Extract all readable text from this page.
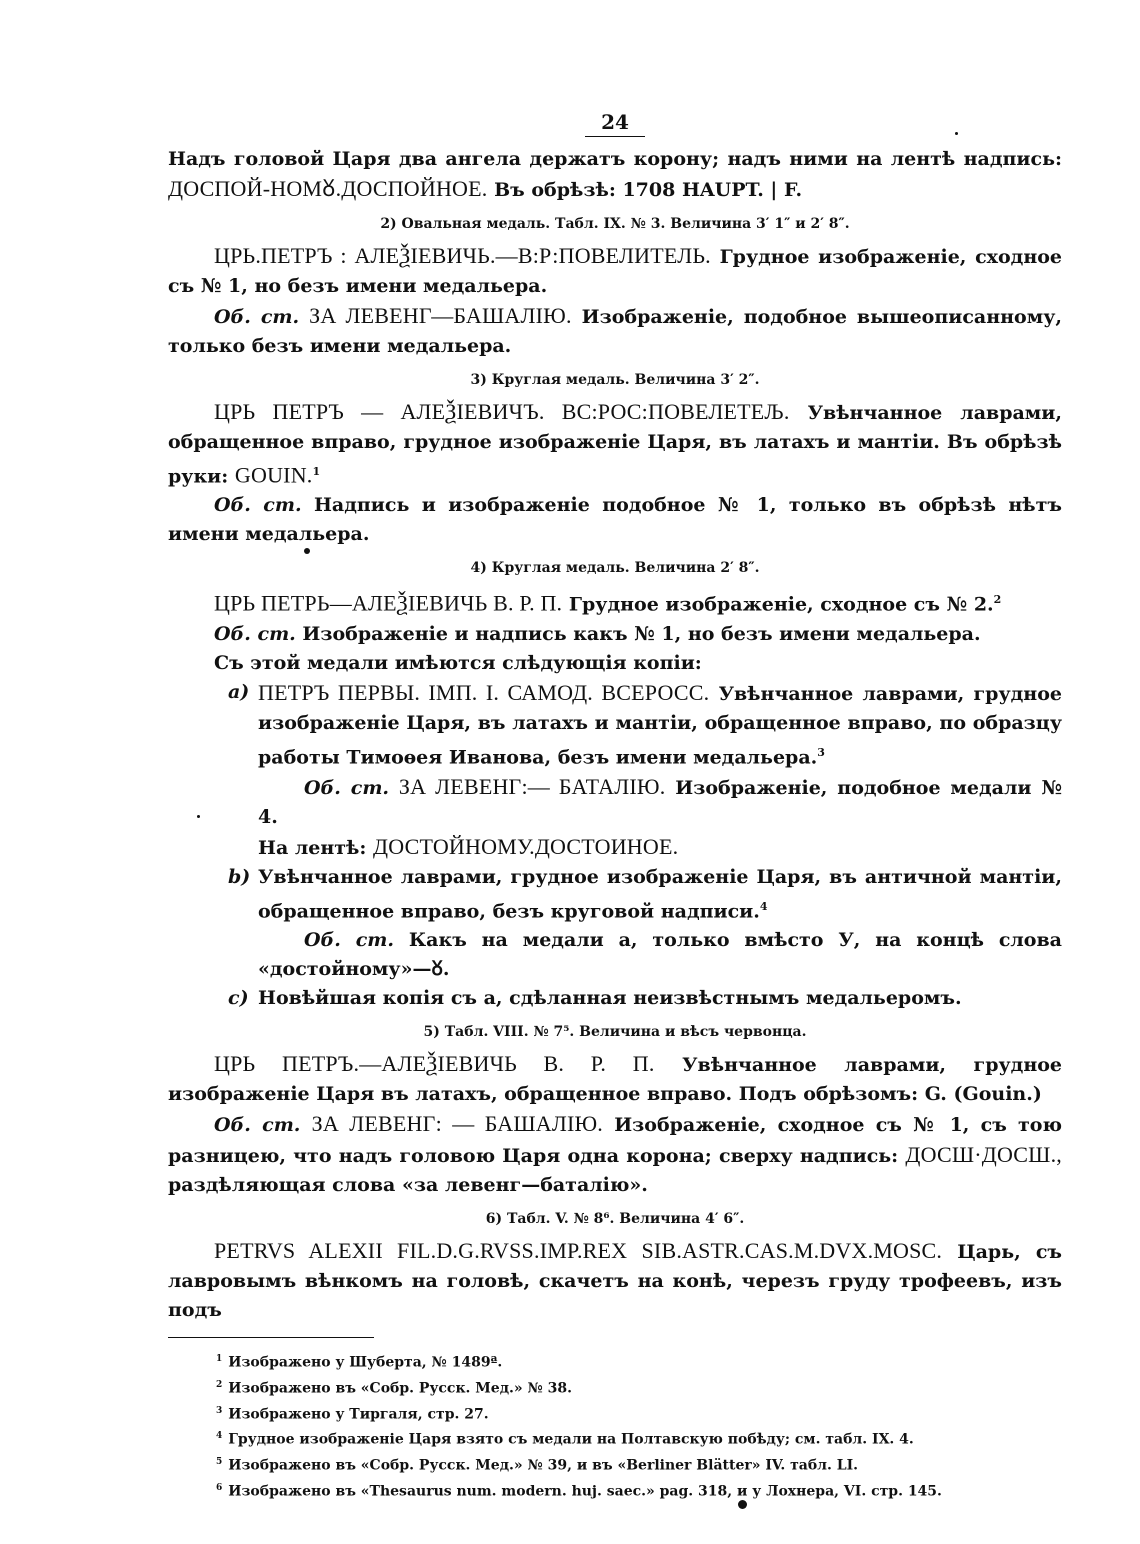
24

Надъ головой Царя два ангела держатъ корону; надъ ними на лентѣ надпись: ДОСПОЙ-НОМᲈ.ДОСПОЙНОЕ. Въ обрѣзѣ: 1708 HAUPT. | F.

2) Овальная медаль. Табл. IX. № 3. Величина 3′ 1″ и 2′ 8″.

ЦРЬ.ПЕТРЪ : АЛЕѮІЕВИЧЬ.—В:Р:ПОВЕЛИТЕЛЬ. Грудное изображеніе, сходное съ № 1, но безъ имени медальера.

Об. ст. ЗА ЛЕВЕНГ—БАШАЛІЮ. Изображеніе, подобное вышеописанному, только безъ имени медальера.

3) Круглая медаль. Величина 3′ 2″.

ЦРЬ ПЕТРЪ — АЛЕѮІЕВИЧЪ. ВС:РОС:ПОВЕЛЕТЕЉ. Увѣнчанное лаврами, обращенное вправо, грудное изображеніе Царя, въ латахъ и мантіи. Въ обрѣзѣ руки: GOUIN.$^1$

Об. ст. Надпись и изображеніе подобное № 1, только въ обрѣзѣ нѣтъ имени медальера.

4) Круглая медаль. Величина 2′ 8″.

ЦРЬ ПЕТРЬ—АЛЕѮІЕВИЧЬ В. Р. П. Грудное изображеніе, сходное съ № 2.$^2$

Об. ст. Изображеніе и надпись какъ № 1, но безъ имени медальера.

Съ этой медали имѣются слѣдующія копіи:

a) ПЕТРЪ ПЕРВЫ. IМП. I. САМОД. ВСЕРОСС. Увѣнчанное лаврами, грудное изображеніе Царя, въ латахъ и мантіи, обращенное вправо, по образцу работы Тимоѳея Иванова, безъ имени медальера.$^3$

Об. ст. ЗА ЛЕВЕНГ:— БАТАЛІЮ. Изображеніе, подобное медали № 4.
На лентѣ: ДОСТОЙНОМУ.ДОСТОИНОЕ.

b) Увѣнчанное лаврами, грудное изображеніе Царя, въ античной мантіи, обращенное вправо, безъ круговой надписи.$^4$

Об. ст. Какъ на медали a, только вмѣсто У, на концѣ слова «достойному»—ᲈ.

c) Новѣйшая копія съ a, сдѣланная неизвѣстнымъ медальеромъ.
5) Табл. VIII. № 7⁵. Величина и вѣсъ червонца.

ЦРЬ ПЕТРЪ.—АЛЕѮІЕВИЧЬ В. Р. П. Увѣнчанное лаврами, грудное изображеніе Царя въ латахъ, обращенное вправо. Подъ обрѣзомъ: G. (Gouin.)

Об. ст. ЗА ЛЕВЕНГ: — БАШАЛІЮ. Изображеніе, сходное съ № 1, съ тою разницею, что надъ головою Царя одна корона; сверху надпись: ДОСШ·ДОСШ., раздѣляющая слова «за левенг—баталію».

6) Табл. V. № 8⁶. Величина 4′ 6″.

PETRVS ALEXII FIL.D.G.RVSS.IMP.REX SIB.ASTR.CAS.M.DVX.MOSC. Царь, съ лавровымъ вѣнкомъ на головѣ, скачетъ на конѣ, черезъ груду трофеевъ, изъ подъ

$^1$ Изображено у Шуберта, № 1489ª.

$^2$ Изображено въ «Собр. Русск. Мед.» № 38.

$^3$ Изображено у Тиргаля, стр. 27.

$^4$ Грудное изображеніе Царя взято съ медали на Полтавскую побѣду; см. табл. IX. 4.

$^5$ Изображено въ «Собр. Русск. Мед.» № 39, и въ «Berliner Blätter» IV. табл. LI.

$^6$ Изображено въ «Thesaurus num. modern. huj. saec.» pag. 318, и у Лохнера, VI. стр. 145.
